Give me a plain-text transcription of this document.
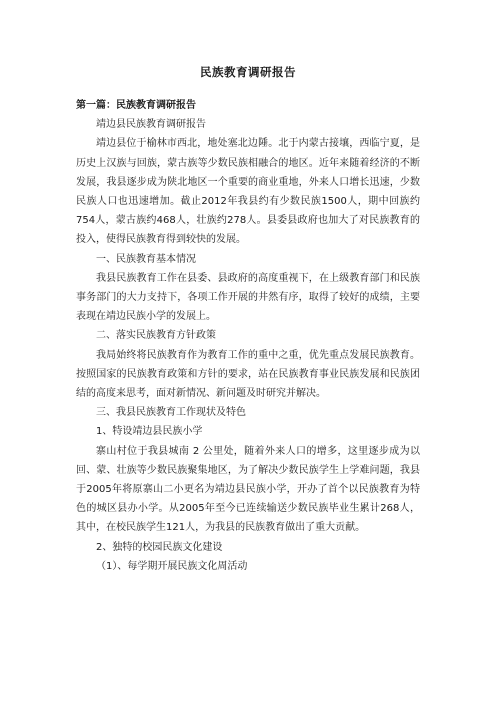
民族教育调研报告

第一篇：民族教育调研报告

靖边县民族教育调研报告

靖边县位于榆林市西北，地处塞北边陲。北于内蒙古接壤，西临宁夏，是历史上汉族与回族，蒙古族等少数民族相融合的地区。近年来随着经济的不断发展，我县逐步成为陕北地区一个重要的商业重地，外来人口增长迅速，少数民族人口也迅速增加。截止2012年我县约有少数民族1500人，期中回族约754人，蒙古族约468人，壮族约278人。县委县政府也加大了对民族教育的投入，使得民族教育得到较快的发展。

一、民族教育基本情况

我县民族教育工作在县委、县政府的高度重视下，在上级教育部门和民族事务部门的大力支持下，各项工作开展的井然有序，取得了较好的成绩，主要表现在靖边民族小学的发展上。

二、落实民族教育方针政策

我局始终将民族教育作为教育工作的重中之重，优先重点发展民族教育。按照国家的民族教育政策和方针的要求，站在民族教育事业民族发展和民族团结的高度来思考，面对新情况、新问题及时研究并解决。

三、我县民族教育工作现状及特色

1、特设靖边县民族小学

寨山村位于我县城南 2 公里处，随着外来人口的增多，这里逐步成为以回、蒙、壮族等少数民族聚集地区，为了解决少数民族学生上学难问题，我县于2005年将原寨山二小更名为靖边县民族小学，开办了首个以民族教育为特色的城区县办小学。从2005年至今已连续输送少数民族毕业生累计268人，其中，在校民族学生121人，为我县的民族教育做出了重大贡献。

2、独特的校园民族文化建设

（1）、每学期开展民族文化周活动
